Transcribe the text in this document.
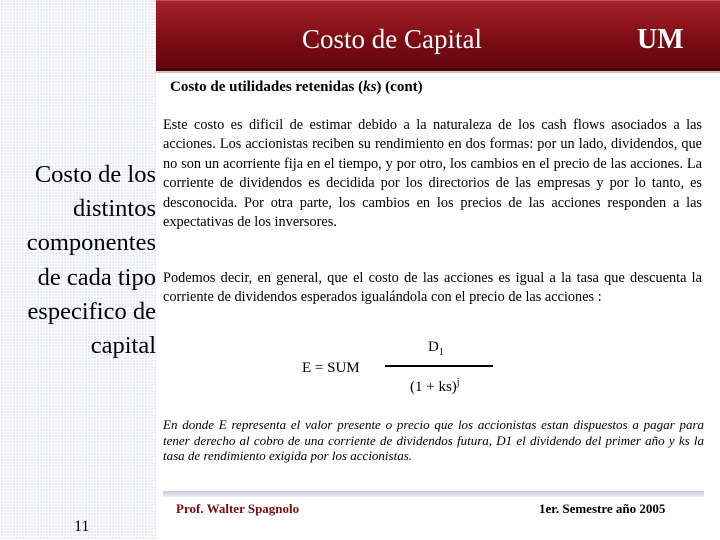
Costo de Capital	UM
Costo de utilidades retenidas (ks) (cont)
Costo de los
distintos
componentes
de cada tipo
especifico de
capital
Este costo es dificil de estimar debido a la naturaleza de los cash flows asociados a las acciones. Los accionistas reciben su rendimiento en dos formas: por un lado, dividendos, que no son un acorriente fija en el tiempo, y por otro, los cambios en el precio de las acciones. La corriente de dividendos es decidida por los directorios de las empresas y por lo tanto, es desconocida. Por otra parte, los cambios en los precios de las acciones responden a las expectativas de los inversores.
Podemos decir, en general, que el costo de las acciones es igual a la tasa que descuenta la corriente de dividendos esperados igualándola con el precio de las acciones :
E = SUM
$D_1$
(1 + ks)$^j$
En donde E representa el valor presente o precio que los accionistas estan dispuestos a pagar para tener derecho al cobro de una corriente de dividendos futura, D1 el dividendo del primer año y ks la tasa de rendimiento exigida por los accionistas.
Prof. Walter Spagnolo	1er. Semestre año 2005
11
